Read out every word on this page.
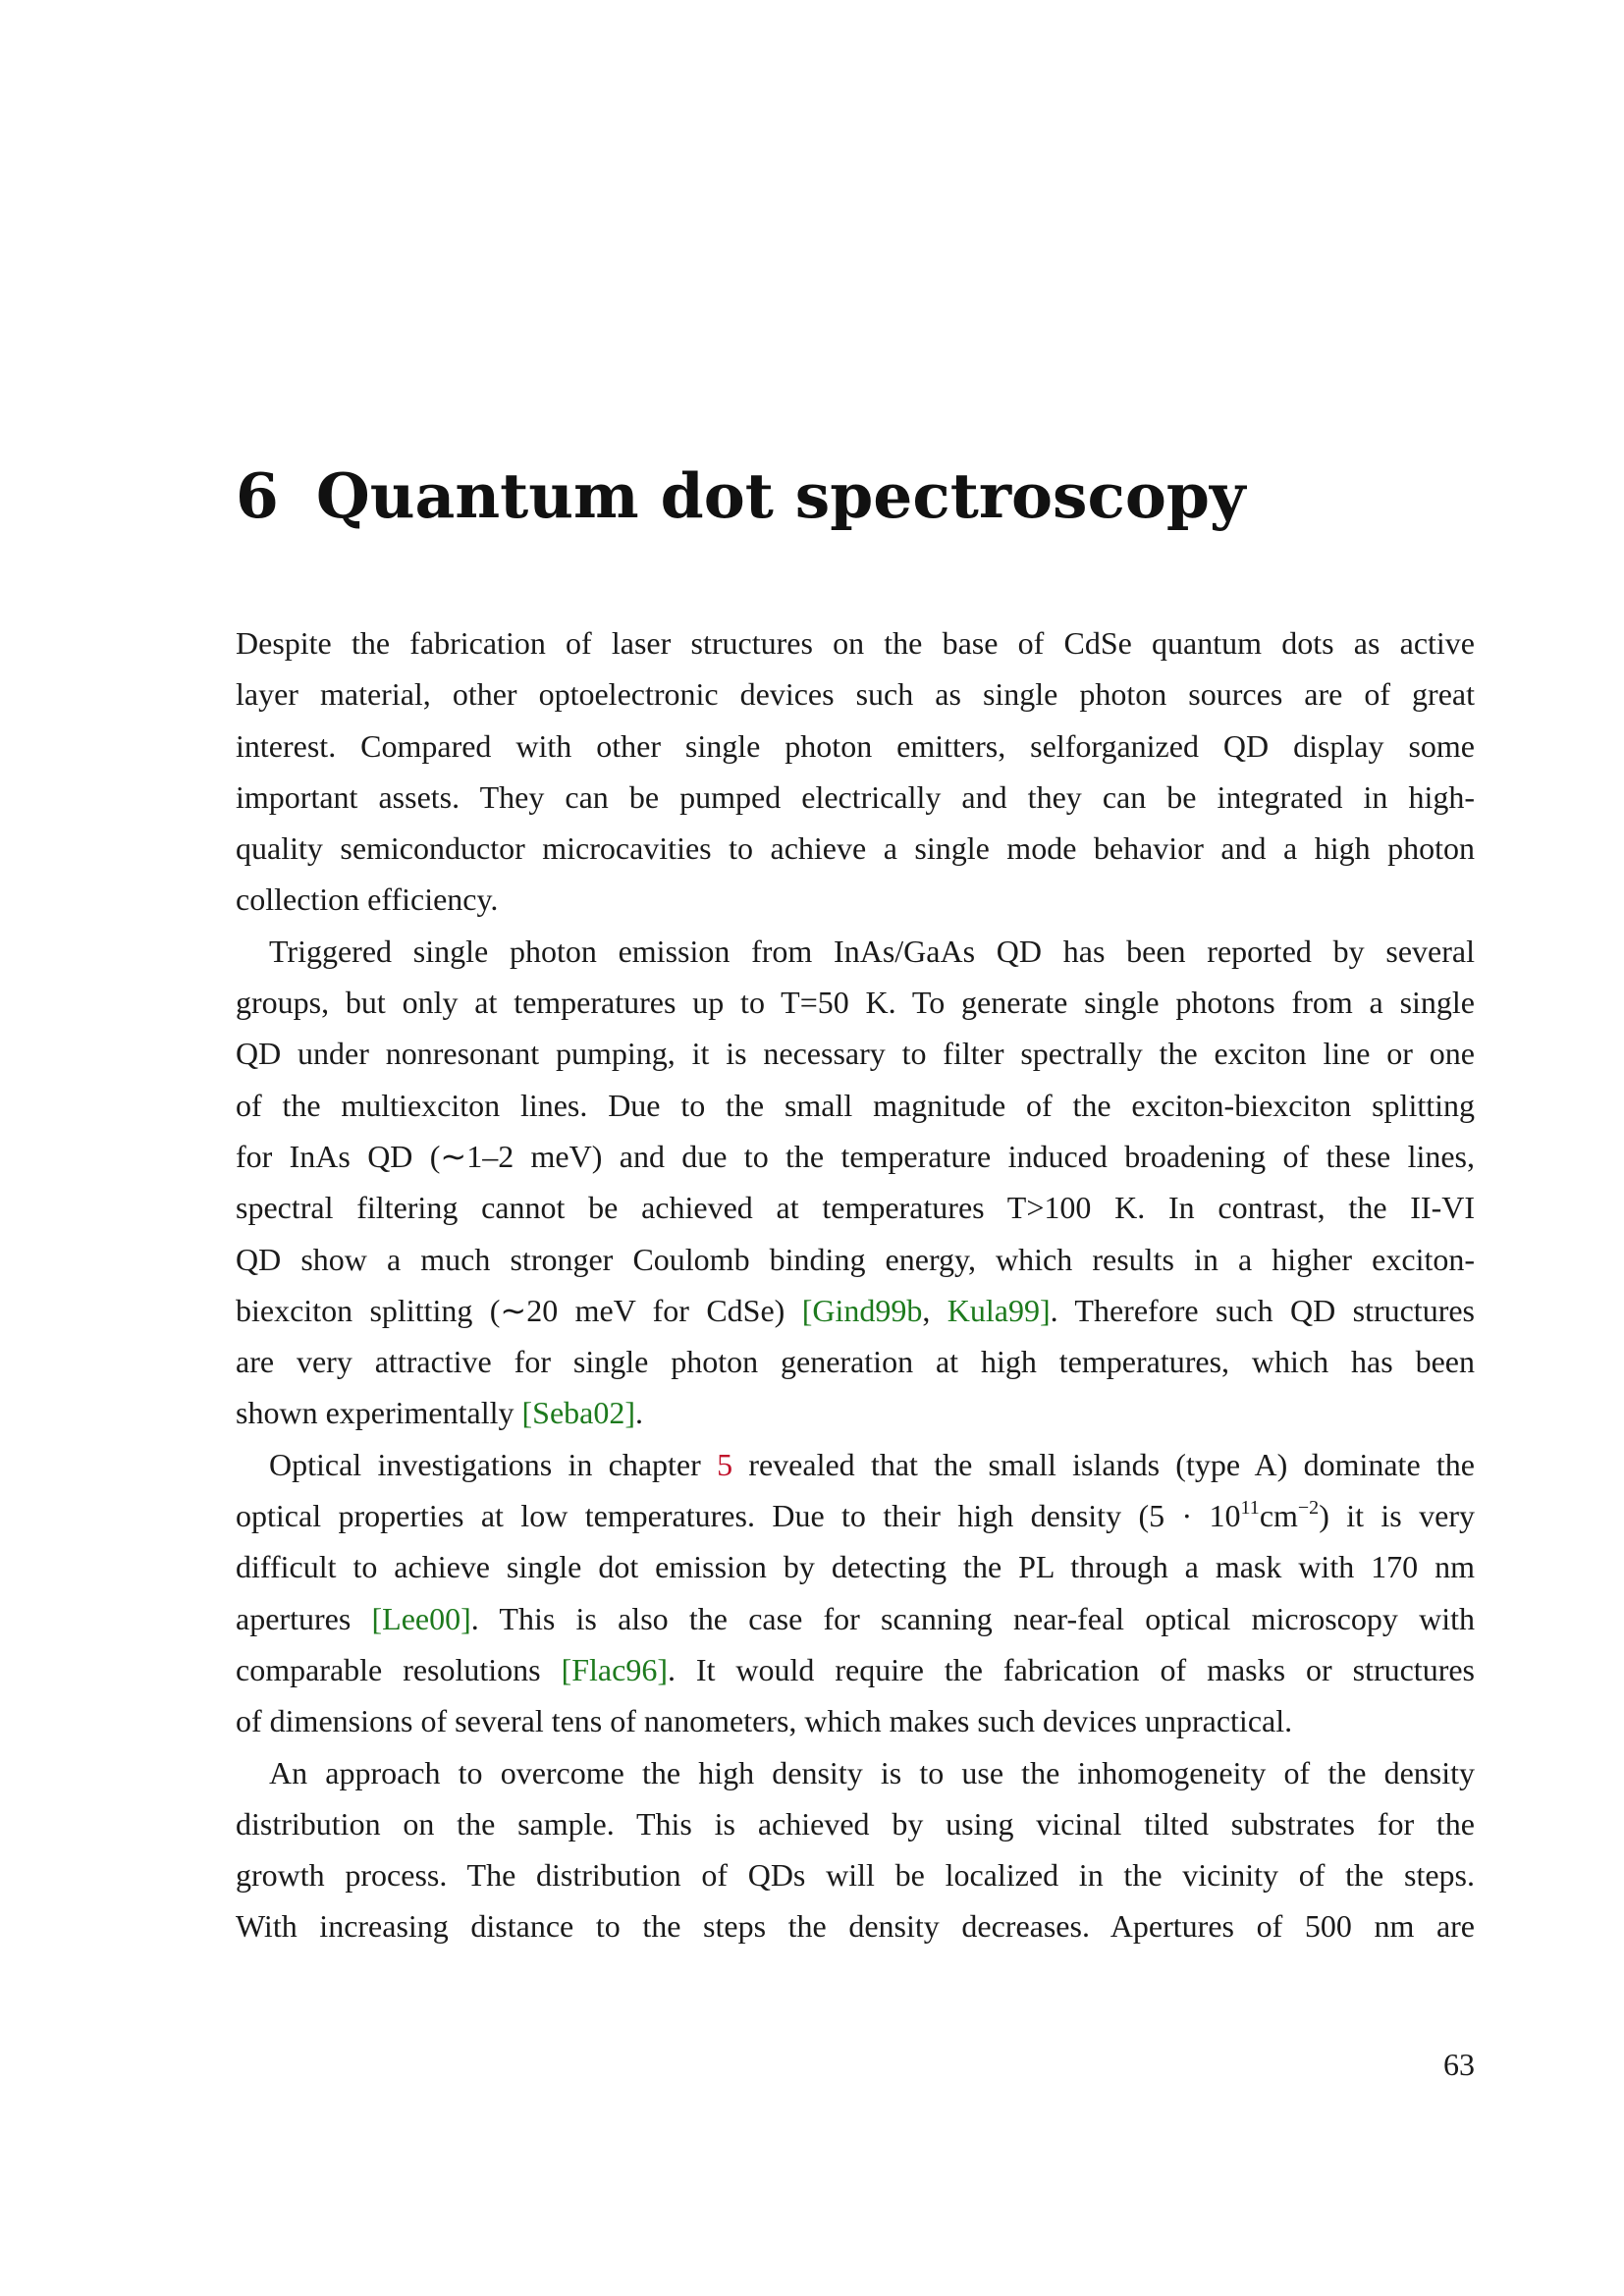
6 Quantum dot spectroscopy
Despite the fabrication of laser structures on the base of CdSe quantum dots as active
layer material, other optoelectronic devices such as single photon sources are of great
interest. Compared with other single photon emitters, selforganized QD display some
important assets. They can be pumped electrically and they can be integrated in high-
quality semiconductor microcavities to achieve a single mode behavior and a high photon
collection efficiency.
Triggered single photon emission from InAs/GaAs QD has been reported by several
groups, but only at temperatures up to T=50 K. To generate single photons from a single
QD under nonresonant pumping, it is necessary to filter spectrally the exciton line or one
of the multiexciton lines. Due to the small magnitude of the exciton-biexciton splitting
for InAs QD (∼1–2 meV) and due to the temperature induced broadening of these lines,
spectral filtering cannot be achieved at temperatures T>100 K. In contrast, the II-VI
QD show a much stronger Coulomb binding energy, which results in a higher exciton-
biexciton splitting (∼20 meV for CdSe) [Gind99b, Kula99]. Therefore such QD structures
are very attractive for single photon generation at high temperatures, which has been
shown experimentally [Seba02].
Optical investigations in chapter 5 revealed that the small islands (type A) dominate the
optical properties at low temperatures. Due to their high density $(5 \cdot 10^{11}cm^{-2})$ it is very
difficult to achieve single dot emission by detecting the PL through a mask with 170 nm
apertures [Lee00]. This is also the case for scanning near-feal optical microscopy with
comparable resolutions [Flac96]. It would require the fabrication of masks or structures
of dimensions of several tens of nanometers, which makes such devices unpractical.
An approach to overcome the high density is to use the inhomogeneity of the density
distribution on the sample. This is achieved by using vicinal tilted substrates for the
growth process. The distribution of QDs will be localized in the vicinity of the steps.
With increasing distance to the steps the density decreases. Apertures of 500 nm are
63
